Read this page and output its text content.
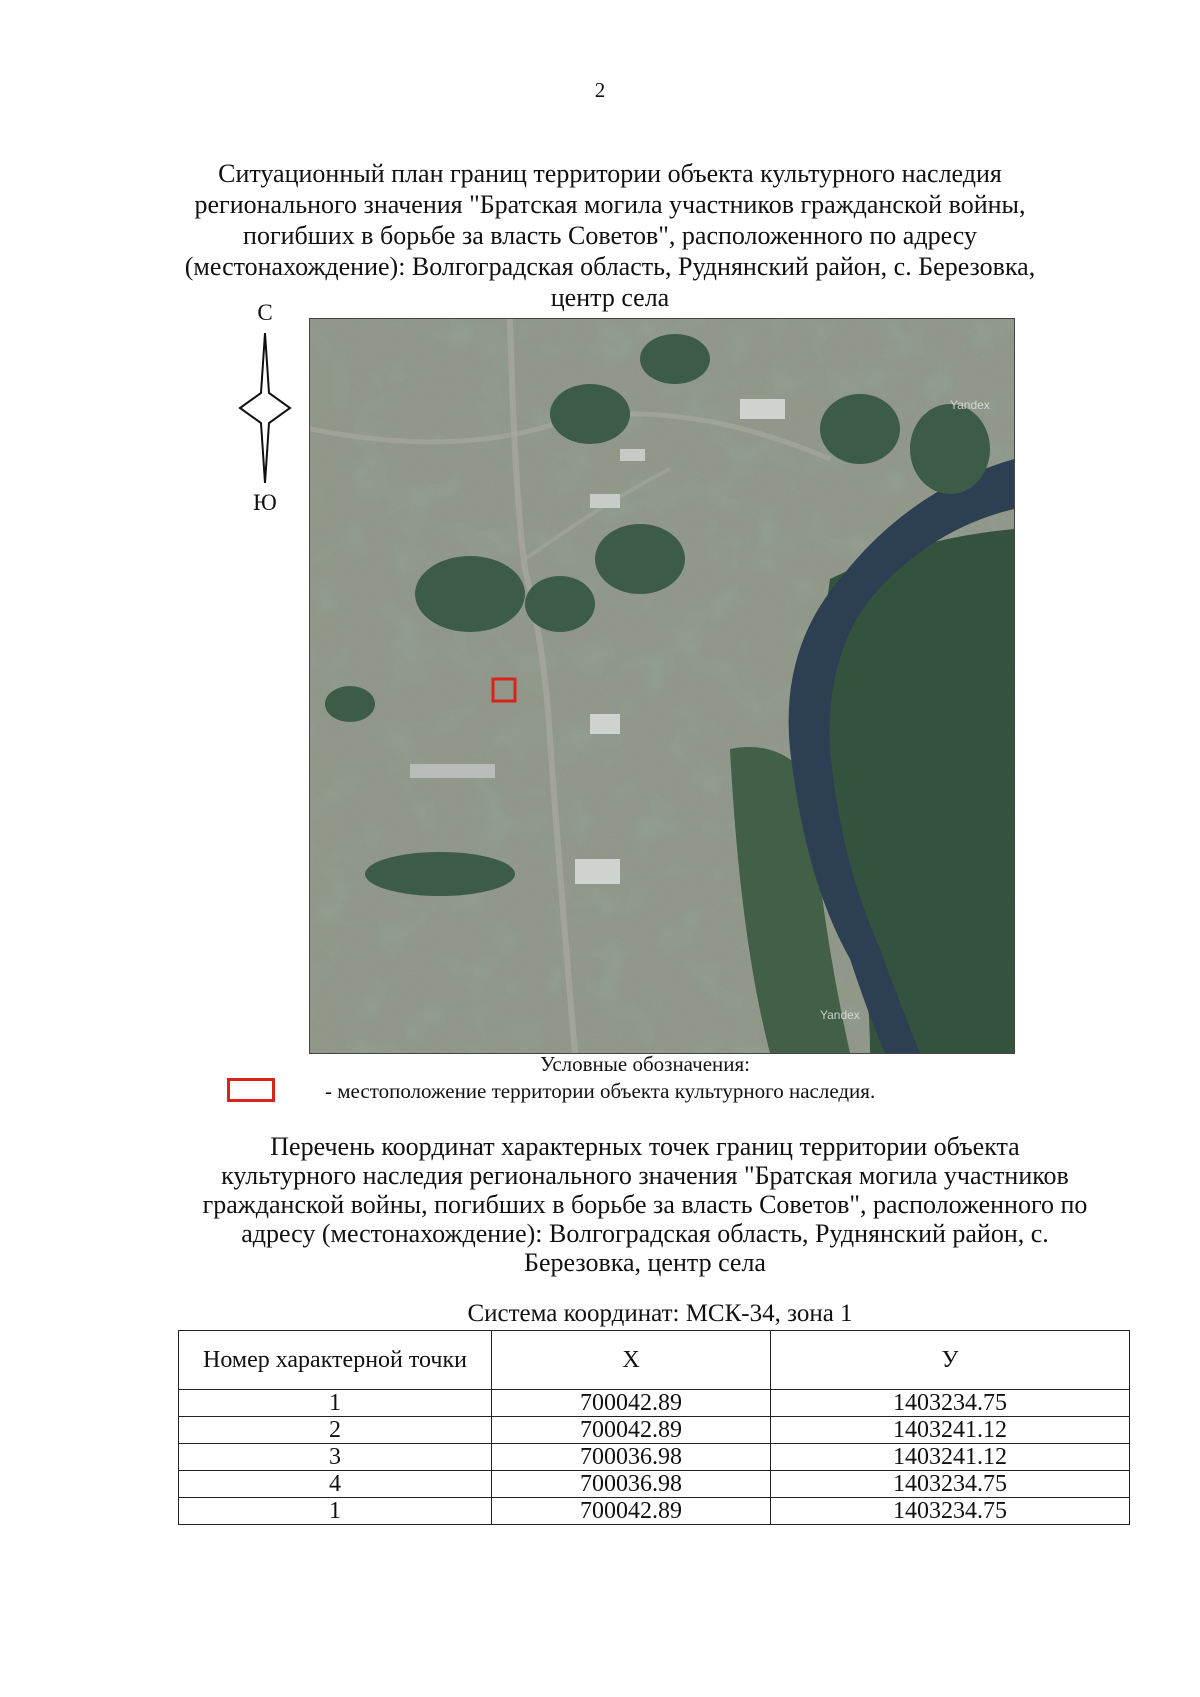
2
Ситуационный план границ территории объекта культурного наследия
регионального значения "Братская могила участников гражданской войны,
погибших в борьбе за власть Советов", расположенного по адресу
(местонахождение): Волгоградская область, Руднянский район, с. Березовка,
центр села
С
Ю
Yandex
Yandex
Условные обозначения:
- местоположение территории объекта культурного наследия.
Перечень координат характерных точек границ территории объекта
культурного наследия регионального значения "Братская могила участников
гражданской войны, погибших в борьбе за власть Советов", расположенного по
адресу (местонахождение): Волгоградская область, Руднянский район, с.
Березовка, центр села
Система координат: МСК-34, зона 1
Номер характерной точки	X	У
1	700042.89	1403234.75
2	700042.89	1403241.12
3	700036.98	1403241.12
4	700036.98	1403234.75
1	700042.89	1403234.75
